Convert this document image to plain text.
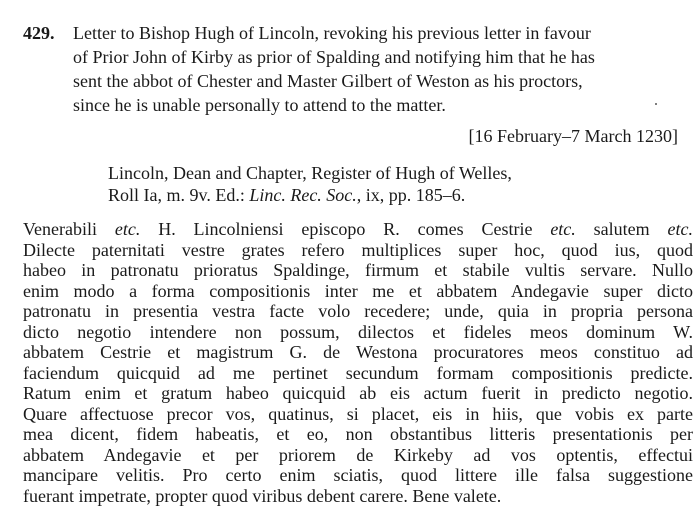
429. Letter to Bishop Hugh of Lincoln, revoking his previous letter in favour
of Prior John of Kirby as prior of Spalding and notifying him that he has
sent the abbot of Chester and Master Gilbert of Weston as his proctors,
since he is unable personally to attend to the matter.
[16 February–7 March 1230]
Lincoln, Dean and Chapter, Register of Hugh of Welles,
Roll Ia, m. 9v. Ed.: Linc. Rec. Soc., ix, pp. 185–6.
Venerabili etc. H. Lincolniensi episcopo R. comes Cestrie etc. salutem etc.
Dilecte paternitati vestre grates refero multiplices super hoc, quod ius, quod
habeo in patronatu prioratus Spaldinge, firmum et stabile vultis servare. Nullo
enim modo a forma compositionis inter me et abbatem Andegavie super dicto
patronatu in presentia vestra facte volo recedere; unde, quia in propria persona
dicto negotio intendere non possum, dilectos et fideles meos dominum W.
abbatem Cestrie et magistrum G. de Westona procuratores meos constituo ad
faciendum quicquid ad me pertinet secundum formam compositionis predicte.
Ratum enim et gratum habeo quicquid ab eis actum fuerit in predicto negotio.
Quare affectuose precor vos, quatinus, si placet, eis in hiis, que vobis ex parte
mea dicent, fidem habeatis, et eo, non obstantibus litteris presentationis per
abbatem Andegavie et per priorem de Kirkeby ad vos optentis, effectui
mancipare velitis. Pro certo enim sciatis, quod littere ille falsa suggestione
fuerant impetrate, propter quod viribus debent carere. Bene valete.
